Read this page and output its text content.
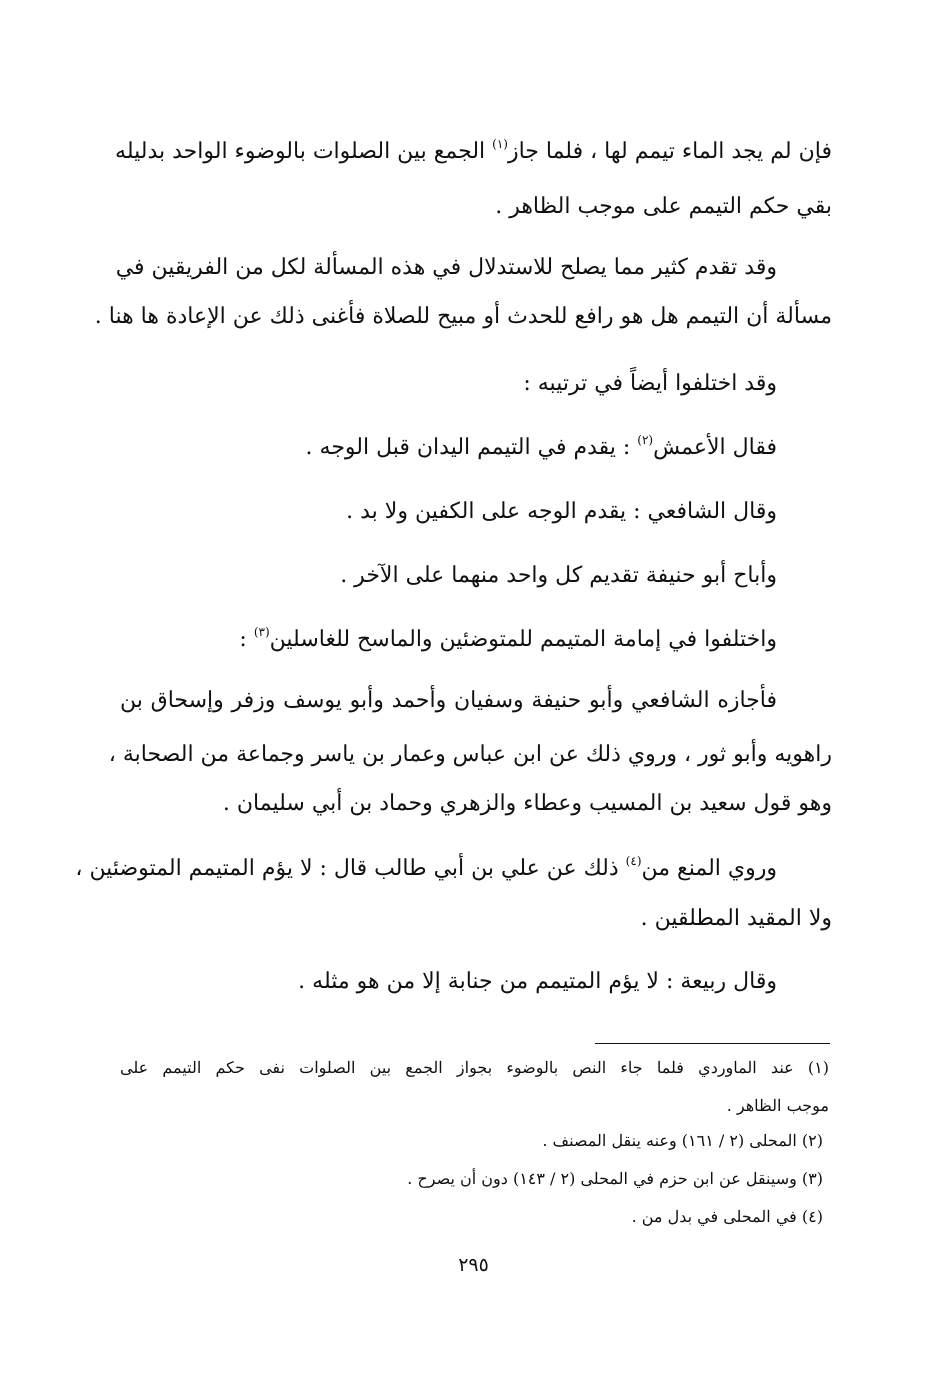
فإن لم يجد الماء تيمم لها ، فلما جاز$^{(١)}$ الجمع بين الصلوات بالوضوء الواحد بدليله
بقي حكم التيمم على موجب الظاهر .
وقد تقدم كثير مما يصلح للاستدلال في هذه المسألة لكل من الفريقين في
مسألة أن التيمم هل هو رافع للحدث أو مبيح للصلاة فأغنى ذلك عن الإعادة ها هنا .
وقد اختلفوا أيضاً في ترتيبه :
فقال الأعمش$^{(٢)}$ : يقدم في التيمم اليدان قبل الوجه .
وقال الشافعي : يقدم الوجه على الكفين ولا بد .
وأباح أبو حنيفة تقديم كل واحد منهما على الآخر .
واختلفوا في إمامة المتيمم للمتوضئين والماسح للغاسلين$^{(٣)}$ :
فأجازه الشافعي وأبو حنيفة وسفيان وأحمد وأبو يوسف وزفر وإسحاق بن
راهويه وأبو ثور ، وروي ذلك عن ابن عباس وعمار بن ياسر وجماعة من الصحابة ،
وهو قول سعيد بن المسيب وعطاء والزهري وحماد بن أبي سليمان .
وروي المنع من$^{(٤)}$ ذلك عن علي بن أبي طالب قال : لا يؤم المتيمم المتوضئين ،
ولا المقيد المطلقين .
وقال ربيعة : لا يؤم المتيمم من جنابة إلا من هو مثله .
(١) عند الماوردي فلما جاء النص بالوضوء بجواز الجمع بين الصلوات نفى حكم التيمم على
موجب الظاهر .
(٢) المحلى (٢ / ١٦١) وعنه ينقل المصنف .
(٣) وسينقل عن ابن حزم في المحلى (٢ / ١٤٣) دون أن يصرح .
(٤) في المحلى في بدل من .
٢٩٥
